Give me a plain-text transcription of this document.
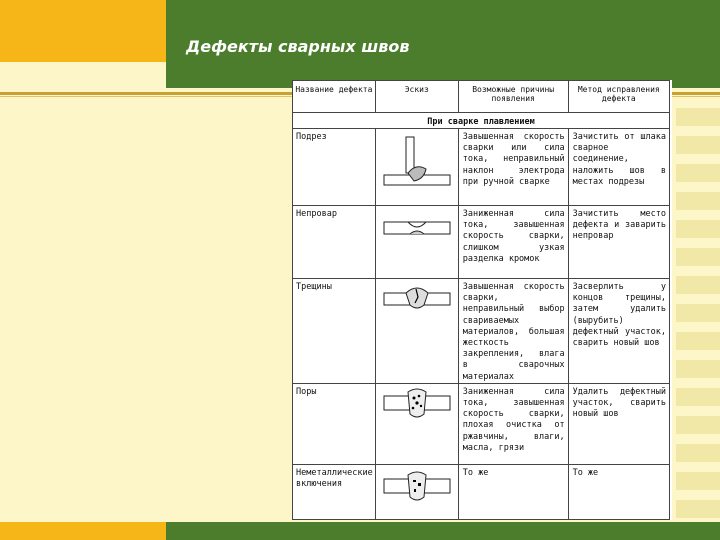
Дефекты сварных швов
Название дефекта	Эскиз	Возможные причины появления	Метод исправления дефекта
При сварке плавлением			
Подрез		Завышенная скорость сварки или сила тока, неправильный наклон электрода при ручной сварке	Зачистить от шлака сварное соединение, наложить шов в местах подрезы
Непровар		Заниженная сила тока, завышенная скорость сварки, слишком узкая разделка кромок	Зачистить место дефекта и заварить непровар
Трещины		Завышенная скорость сварки, неправильный выбор свариваемых материалов, большая жесткость закрепления, влага в сварочных материалах	Засверлить у концов трещины, затем удалить (вырубить) дефектный участок, сварить новый шов
Поры		Заниженная сила тока, завышенная скорость сварки, плохая очистка от ржавчины, влаги, масла, грязи	Удалить дефектный участок, сварить новый шов
Неметаллические включения		То же	То же
